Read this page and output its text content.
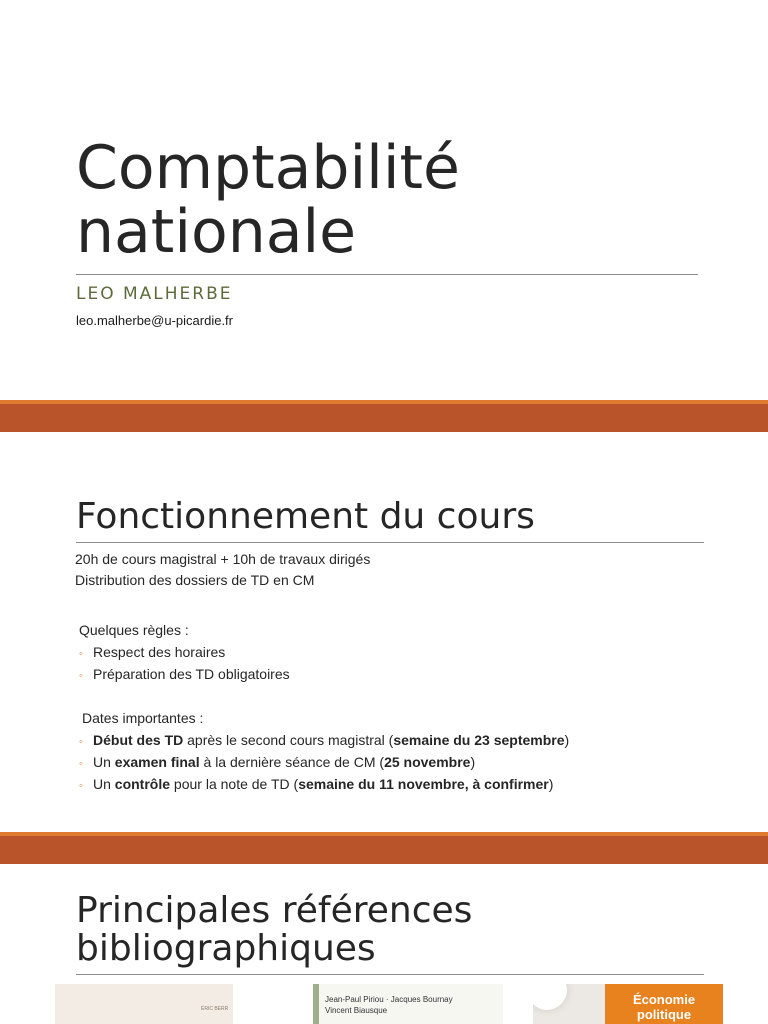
Comptabilité
nationale
LEO MALHERBE
leo.malherbe@u-picardie.fr
Fonctionnement du cours
20h de cours magistral + 10h de travaux dirigés
Distribution des dossiers de TD en CM
Quelques règles :
◦ Respect des horaires
◦ Préparation des TD obligatoires
Dates importantes :
◦ Début des TD après le second cours magistral (semaine du 23 septembre)
◦ Un examen final à la dernière séance de CM (25 novembre)
◦ Un contrôle pour la note de TD (semaine du 11 novembre, à confirmer)
Principales références
bibliographiques
ÉRIC BERR
Jean-Paul Piriou · Jacques Bournay
Vincent Biausque
Économie
politique
